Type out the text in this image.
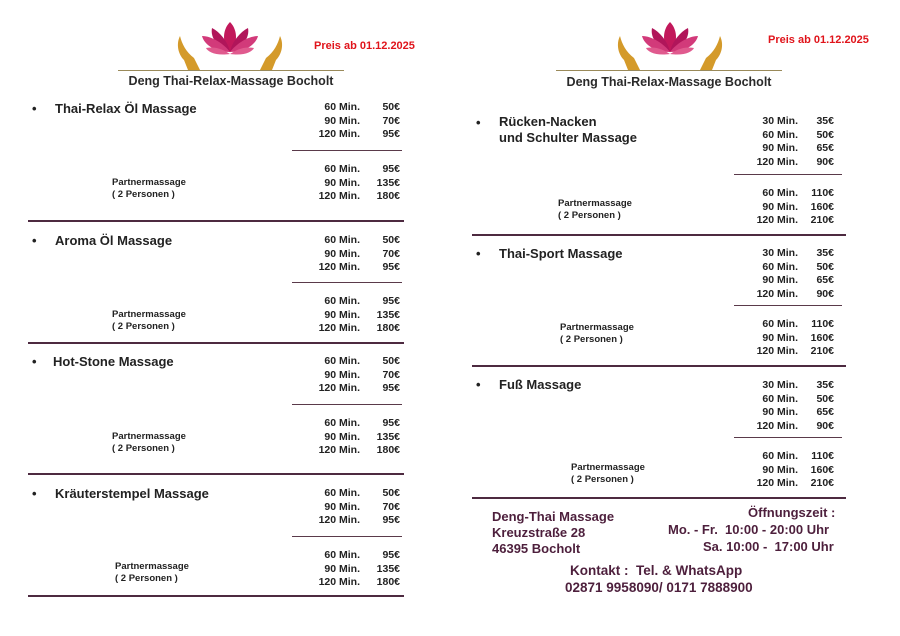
Deng Thai-Relax-Massage Bocholt
Preis ab 01.12.2025
Deng Thai-Relax-Massage Bocholt
Preis ab 01.12.2025
• Thai-Relax Öl Massage	60 Min.	50€
90 Min.	70€
120 Min.	95€
Partnermassage
( 2 Personen )
60 Min.	95€
90 Min.	135€
120 Min.	180€
• Aroma Öl Massage	60 Min.	50€
90 Min.	70€
120 Min.	95€
Partnermassage
( 2 Personen )
60 Min.	95€
90 Min.	135€
120 Min.	180€
• Hot-Stone Massage	60 Min.	50€
90 Min.	70€
120 Min.	95€
Partnermassage
( 2 Personen )
60 Min.	95€
90 Min.	135€
120 Min.	180€
• Kräuterstempel Massage	60 Min.	50€
90 Min.	70€
120 Min.	95€
Partnermassage
( 2 Personen )
60 Min.	95€
90 Min.	135€
120 Min.	180€
• Rücken-Nacken
und Schulter Massage
30 Min.	35€
60 Min.	50€
90 Min.	65€
120 Min.	90€
Partnermassage
( 2 Personen )
60 Min.	110€
90 Min.	160€
120 Min.	210€
• Thai-Sport Massage	30 Min.	35€
60 Min.	50€
90 Min.	65€
120 Min.	90€
Partnermassage
( 2 Personen )
60 Min.	110€
90 Min.	160€
120 Min.	210€
• Fuß Massage	30 Min.	35€
60 Min.	50€
90 Min.	65€
120 Min.	90€
Partnermassage
( 2 Personen )
60 Min.	110€
90 Min.	160€
120 Min.	210€
Deng-Thai Massage
Kreuzstraße 28
46395 Bocholt
Öffnungszeit :
Mo. - Fr.  10:00 - 20:00 Uhr
Sa. 10:00 -  17:00 Uhr
Kontakt :  Tel. & WhatsApp
02871 9958090/ 0171 7888900
